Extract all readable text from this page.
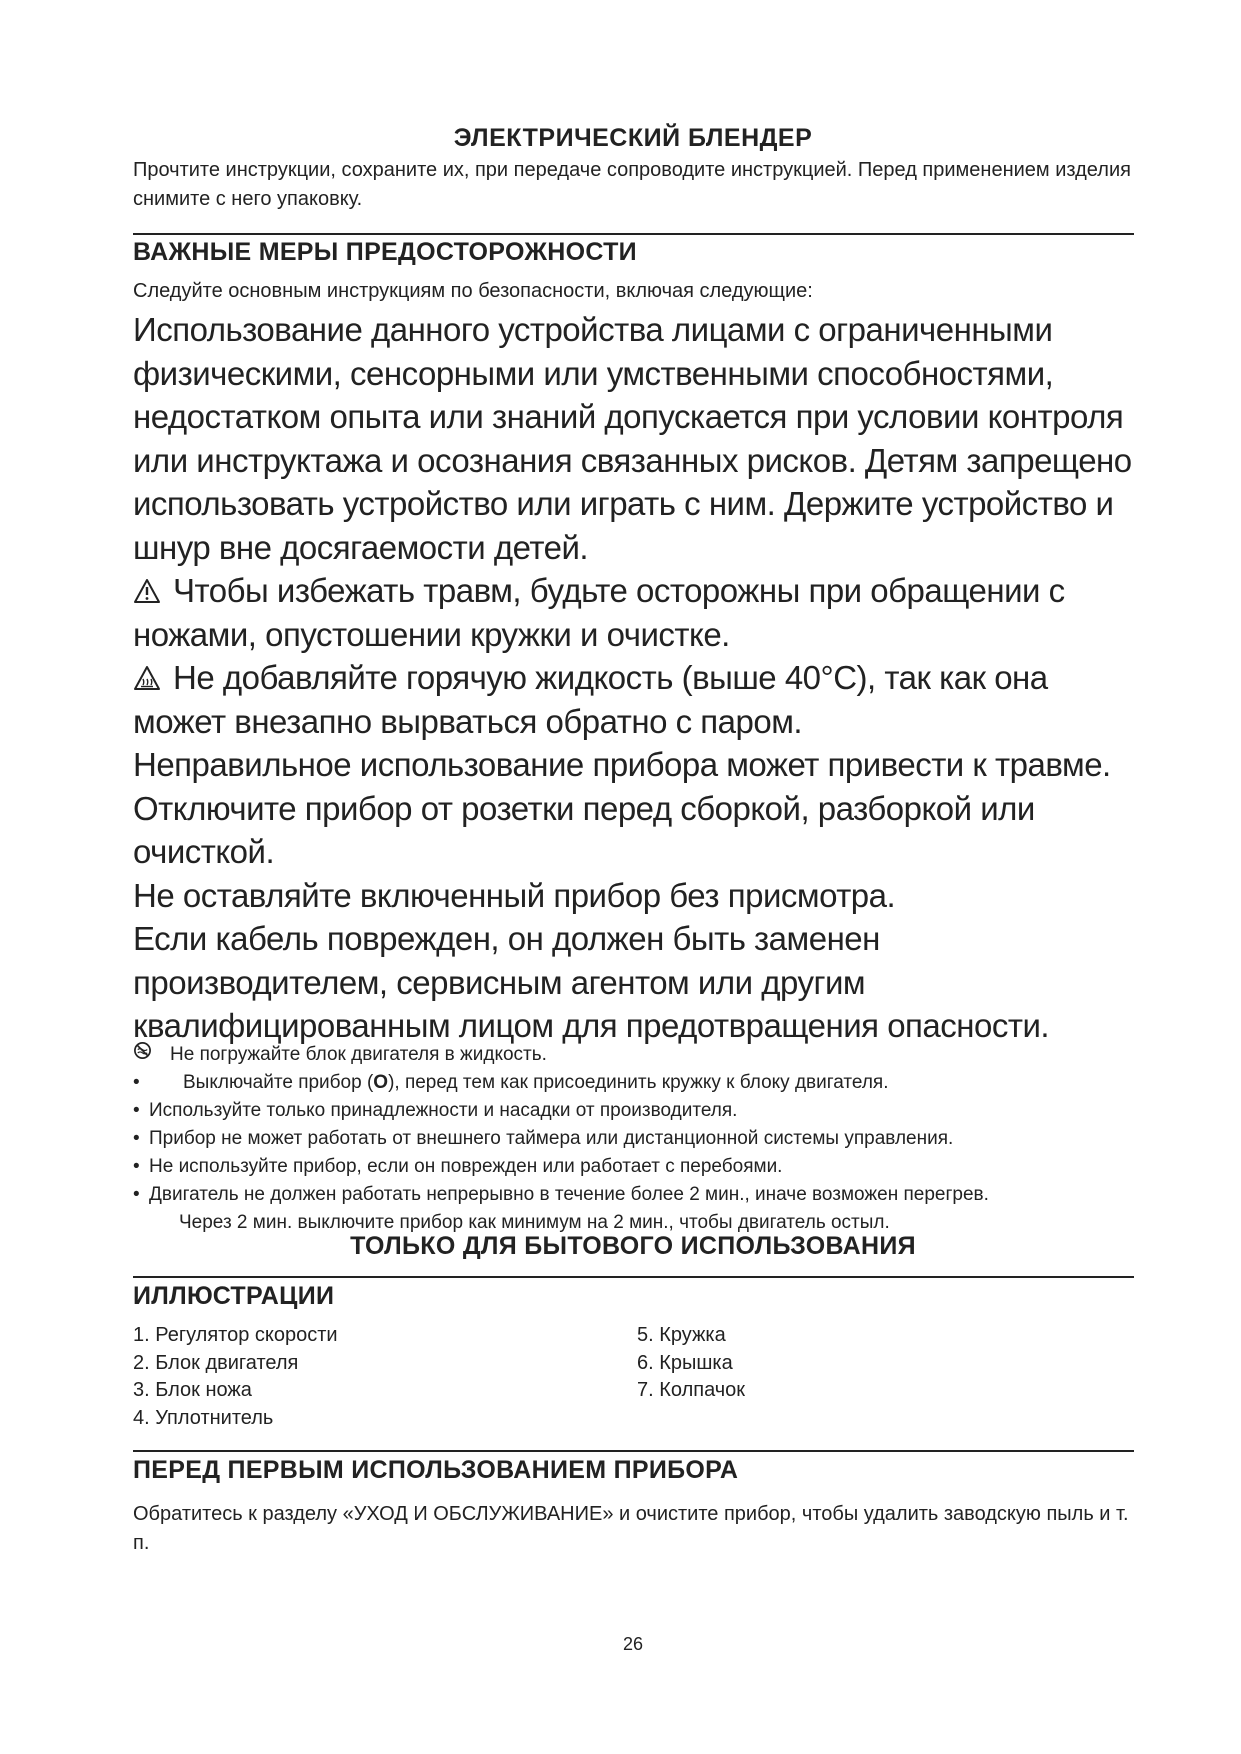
ЭЛЕКТРИЧЕСКИЙ БЛЕНДЕР
Прочтите инструкции, сохраните их, при передаче сопроводите инструкцией. Перед применением изделия снимите с него упаковку.
ВАЖНЫЕ МЕРЫ ПРЕДОСТОРОЖНОСТИ
Следуйте основным инструкциям по безопасности, включая следующие:

Использование данного устройства лицами с ограниченными физическими, сенсорными или умственными способностями, недостатком опыта или знаний допускается при условии контроля или инструктажа и осознания связанных рисков. Детям запрещено использовать устройство или играть с ним. Держите устройство и шнур вне досягаемости детей.

Чтобы избежать травм, будьте осторожны при обращении с ножами, опустошении кружки и очистке.

Не добавляйте горячую жидкость (выше 40°C), так как она может внезапно вырваться обратно с паром.

Неправильное использование прибора может привести к травме.

Отключите прибор от розетки перед сборкой, разборкой или очисткой.

Не оставляйте включенный прибор без присмотра.

Если кабель поврежден, он должен быть заменен производителем, сервисным агентом или другим квалифицированным лицом для предотвращения опасности.

Не погружайте блок двигателя в жидкость.
•	Выключайте прибор (O), перед тем как присоединить кружку к блоку двигателя.
• Используйте только принадлежности и насадки от производителя.
• Прибор не может работать от внешнего таймера или дистанционной системы управления.
• Не используйте прибор, если он поврежден или работает с перебоями.
• Двигатель не должен работать непрерывно в течение более 2 мин., иначе возможен перегрев.
Через 2 мин. выключите прибор как минимум на 2 мин., чтобы двигатель остыл.
ТОЛЬКО ДЛЯ БЫТОВОГО ИСПОЛЬЗОВАНИЯ
ИЛЛЮСТРАЦИИ
1. Регулятор скорости
2. Блок двигателя
3. Блок ножа
4. Уплотнитель
5. Кружка
6. Крышка
7. Колпачок
ПЕРЕД ПЕРВЫМ ИСПОЛЬЗОВАНИЕМ ПРИБОРА
Обратитесь к разделу «УХОД И ОБСЛУЖИВАНИЕ» и очистите прибор, чтобы удалить заводскую пыль и т. п.
26
